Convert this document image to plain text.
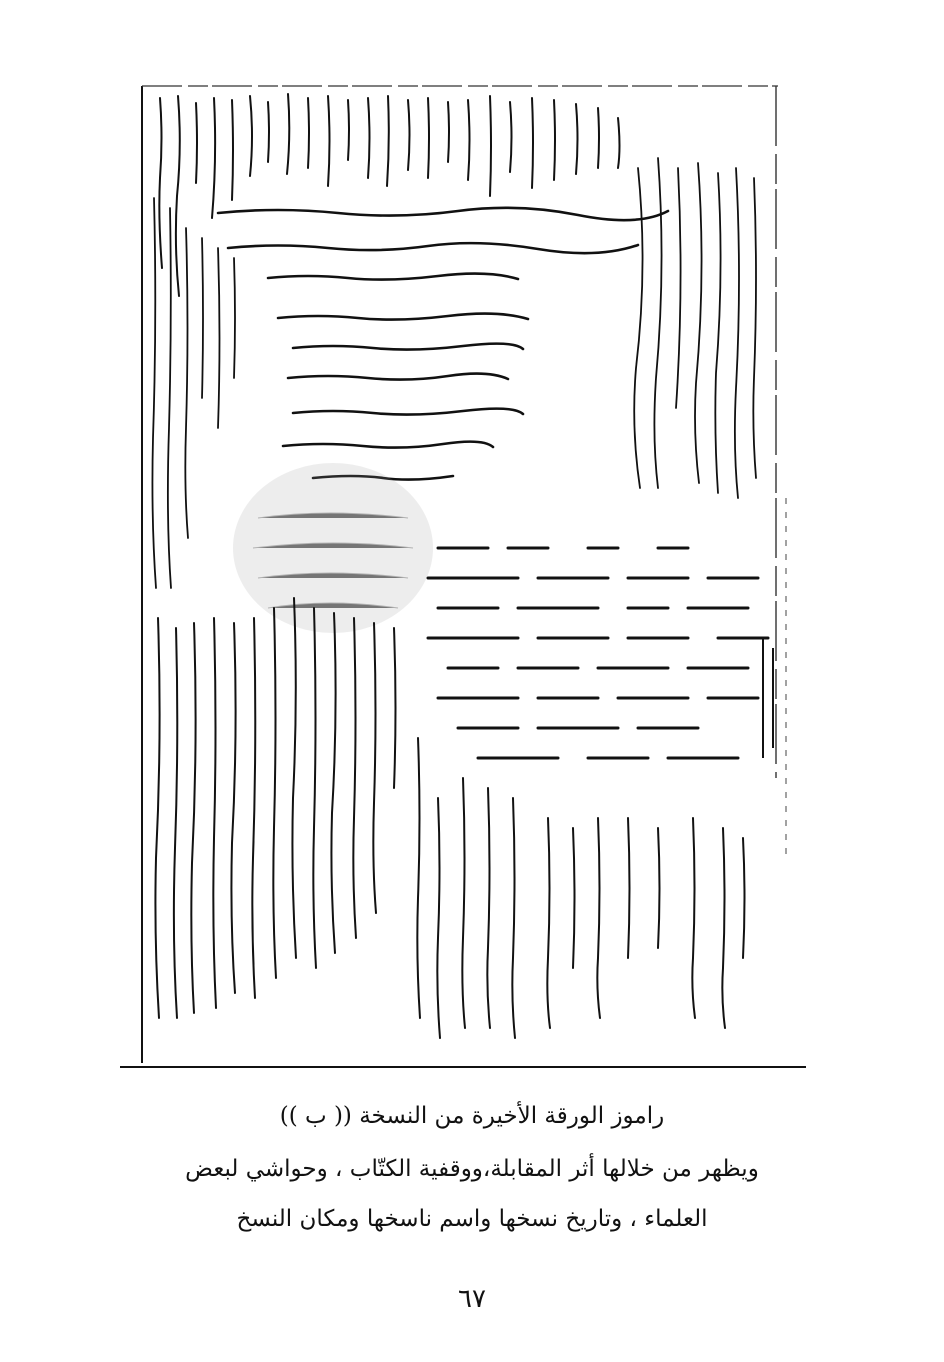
راموز الورقة الأخيرة من النسخة (( ب ))
ويظهر من خلالها أثر المقابلة،ووقفية الكتّاب ، وحواشي لبعض
العلماء ، وتاريخ نسخها واسم ناسخها ومكان النسخ
٦٧
